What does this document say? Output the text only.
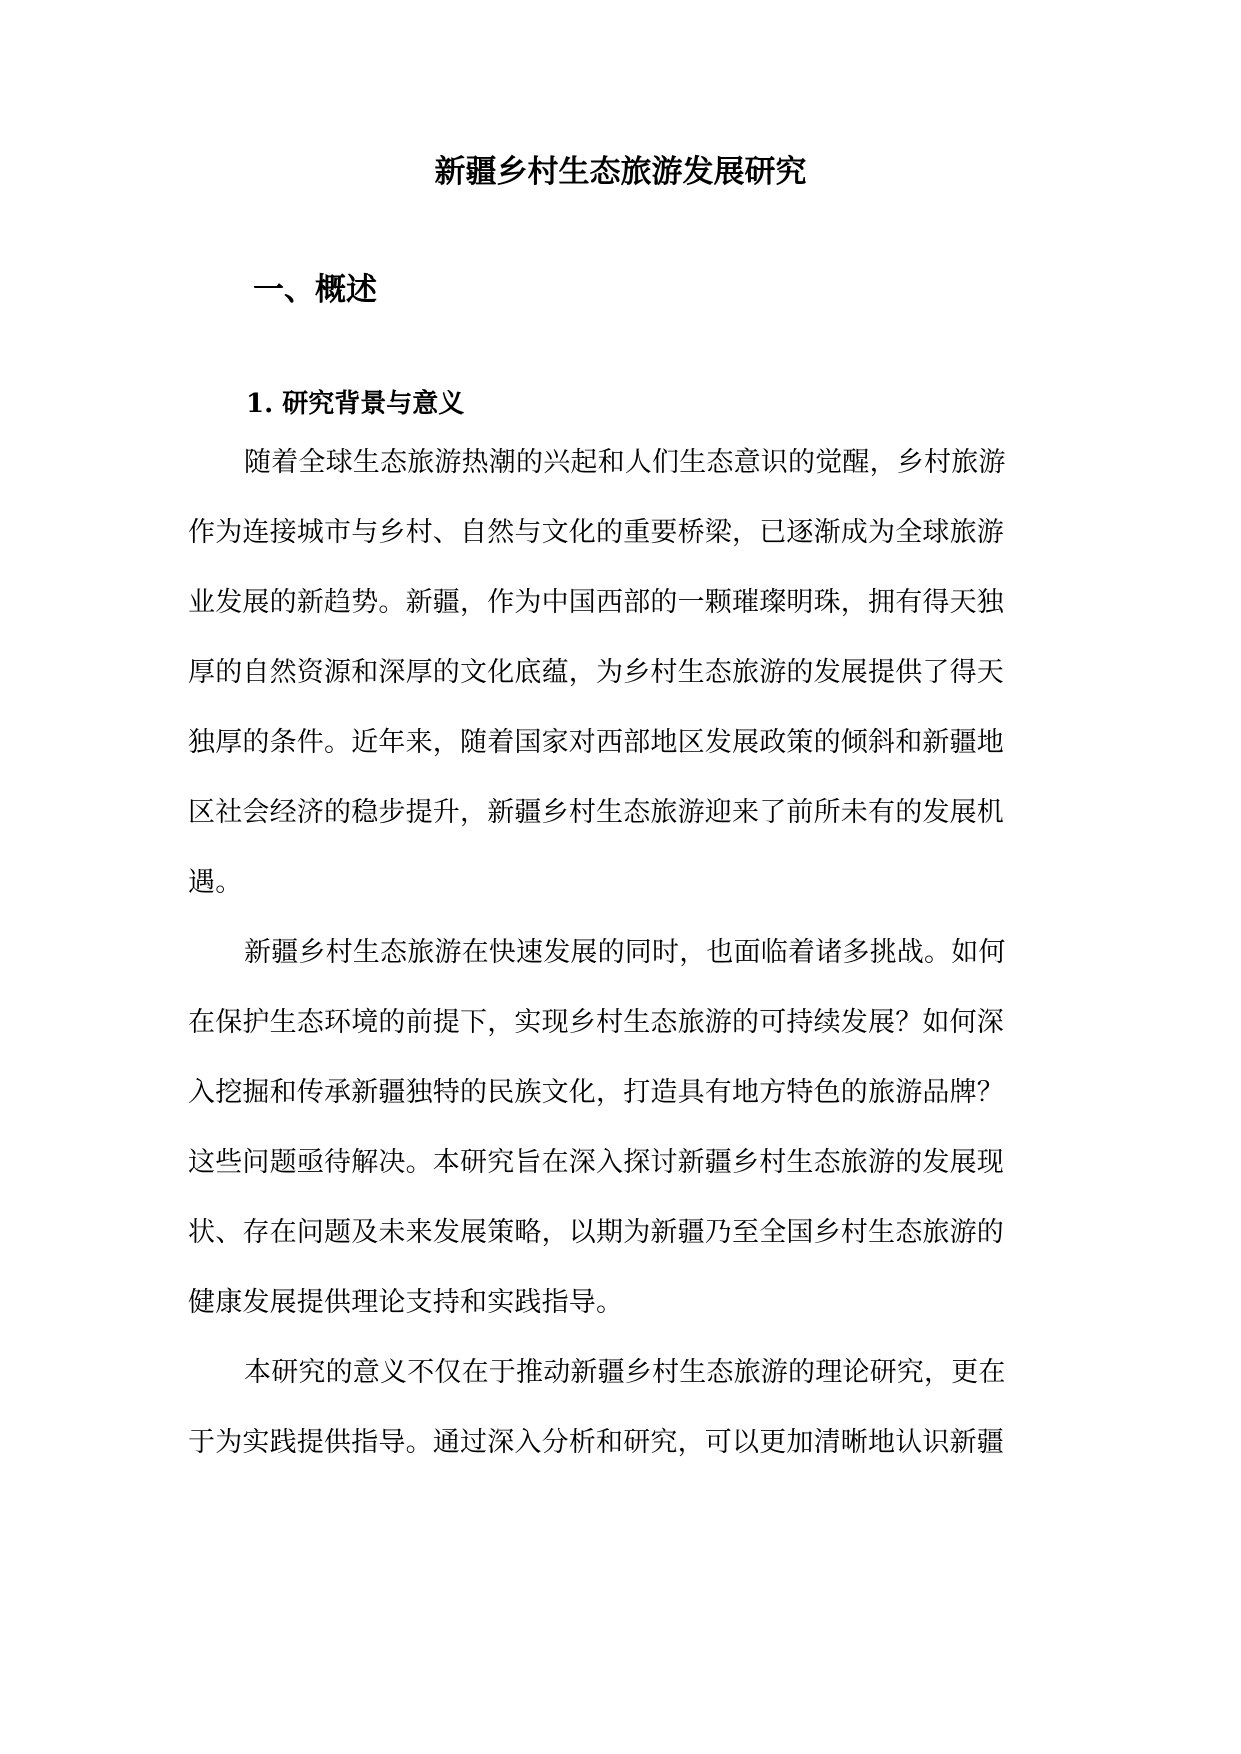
新疆乡村生态旅游发展研究
一、概述
1. 研究背景与意义
随着全球生态旅游热潮的兴起和人们生态意识的觉醒，乡村旅游
作为连接城市与乡村、自然与文化的重要桥梁，已逐渐成为全球旅游
业发展的新趋势。新疆，作为中国西部的一颗璀璨明珠，拥有得天独
厚的自然资源和深厚的文化底蕴，为乡村生态旅游的发展提供了得天
独厚的条件。近年来，随着国家对西部地区发展政策的倾斜和新疆地
区社会经济的稳步提升，新疆乡村生态旅游迎来了前所未有的发展机
遇。
新疆乡村生态旅游在快速发展的同时，也面临着诸多挑战。如何
在保护生态环境的前提下，实现乡村生态旅游的可持续发展？如何深
入挖掘和传承新疆独特的民族文化，打造具有地方特色的旅游品牌？
这些问题亟待解决。本研究旨在深入探讨新疆乡村生态旅游的发展现
状、存在问题及未来发展策略，以期为新疆乃至全国乡村生态旅游的
健康发展提供理论支持和实践指导。
本研究的意义不仅在于推动新疆乡村生态旅游的理论研究，更在
于为实践提供指导。通过深入分析和研究，可以更加清晰地认识新疆
